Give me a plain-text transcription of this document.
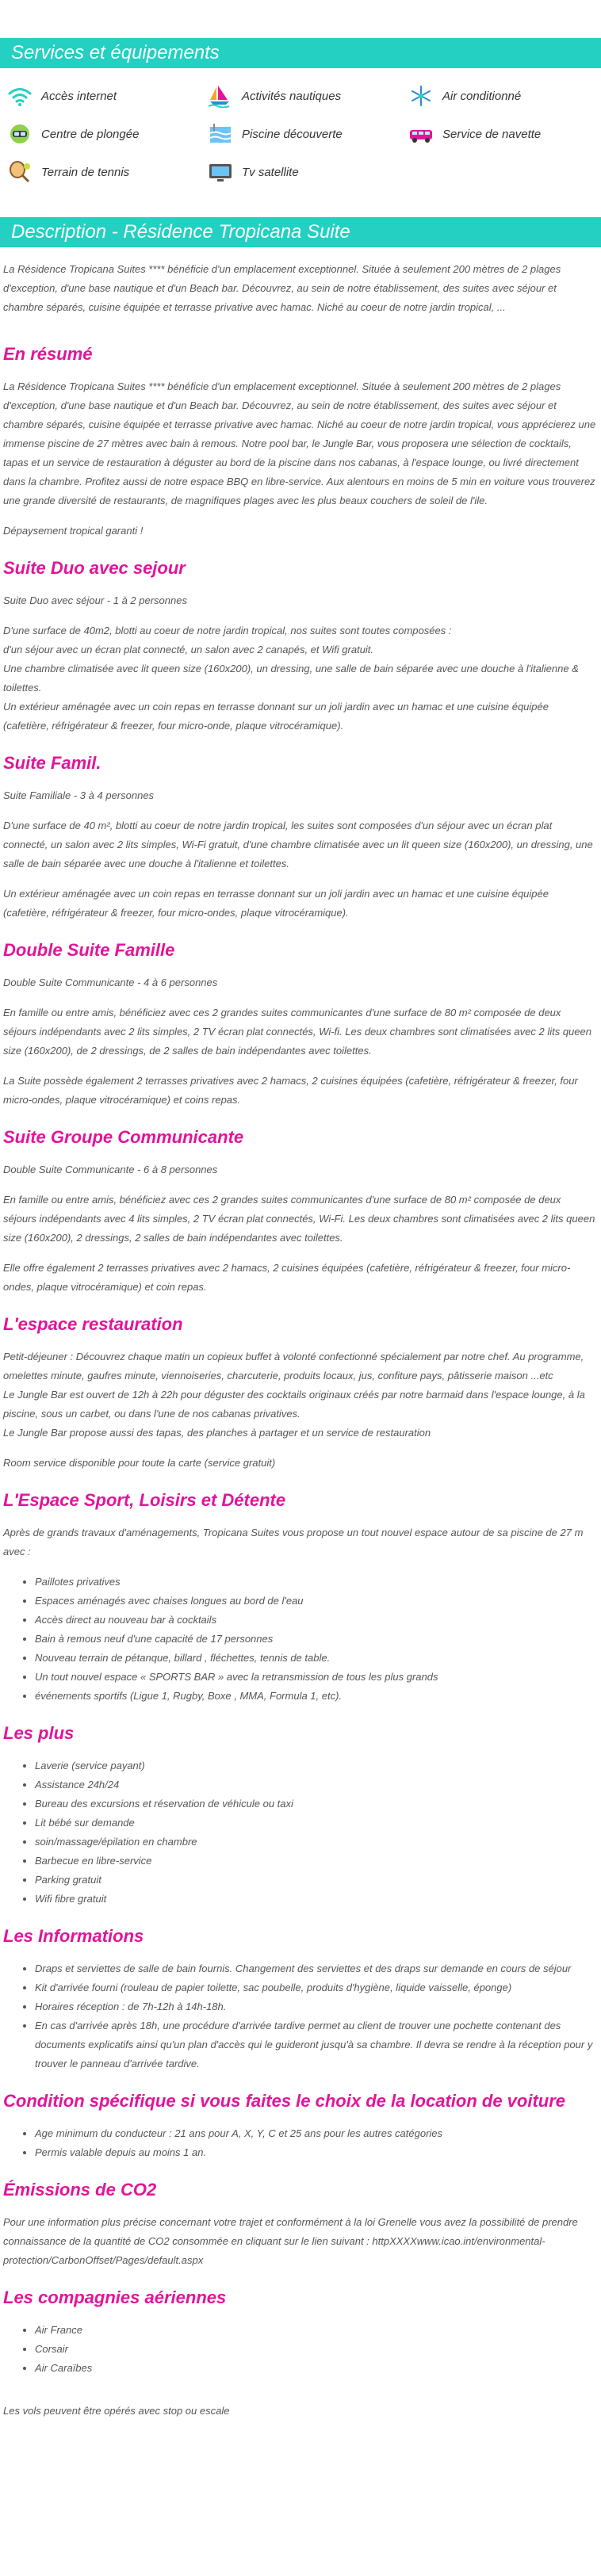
Services et équipements
Accès internet	Activités nautiques	Air conditionné
Centre de plongée	Piscine découverte	Service de navette
Terrain de tennis	Tv satellite
Description - Résidence Tropicana Suite

La Résidence Tropicana Suites **** bénéficie d'un emplacement exceptionnel. Située à seulement 200 mètres de 2 plages d'exception, d'une base nautique et d'un Beach bar. Découvrez, au sein de notre établissement, des suites avec séjour et chambre séparés, cuisine équipée et terrasse privative avec hamac. Niché au coeur de notre jardin tropical, ...

En résumé

La Résidence Tropicana Suites **** bénéficie d'un emplacement exceptionnel. Située à seulement 200 mètres de 2 plages d'exception, d'une base nautique et d'un Beach bar. Découvrez, au sein de notre établissement, des suites avec séjour et chambre séparés, cuisine équipée et terrasse privative avec hamac. Niché au coeur de notre jardin tropical, vous apprécierez une immense piscine de 27 mètres avec bain à remous. Notre pool bar, le Jungle Bar, vous proposera une sélection de cocktails, tapas et un service de restauration à déguster au bord de la piscine dans nos cabanas, à l'espace lounge, ou livré directement dans la chambre. Profitez aussi de notre espace BBQ en libre-service. Aux alentours en moins de 5 min en voiture vous trouverez une grande diversité de restaurants, de magnifiques plages avec les plus beaux couchers de soleil de l'ile.

Dépaysement tropical garanti !

Suite Duo avec sejour

Suite Duo avec séjour - 1 à 2 personnes

D'une surface de 40m2, blotti au coeur de notre jardin tropical, nos suites sont toutes composées :

d'un séjour avec un écran plat connecté, un salon avec 2 canapés, et Wifi gratuit.

Une chambre climatisée avec lit queen size (160x200), un dressing, une salle de bain séparée avec une douche à l'italienne & toilettes.

Un extérieur aménagée avec un coin repas en terrasse donnant sur un joli jardin avec un hamac et une cuisine équipée (cafetière, réfrigérateur & freezer, four micro-onde, plaque vitrocéramique).

Suite Famil.

Suite Familiale - 3 à 4 personnes

D'une surface de 40 m², blotti au coeur de notre jardin tropical, les suites sont composées d'un séjour avec un écran plat connecté, un salon avec 2 lits simples, Wi-Fi gratuit, d'une chambre climatisée avec un lit queen size (160x200), un dressing, une salle de bain séparée avec une douche à l'italienne et toilettes.

Un extérieur aménagée avec un coin repas en terrasse donnant sur un joli jardin avec un hamac et une cuisine équipée (cafetière, réfrigérateur & freezer, four micro-ondes, plaque vitrocéramique).

Double Suite Famille

Double Suite Communicante - 4 à 6 personnes

En famille ou entre amis, bénéficiez avec ces 2 grandes suites communicantes d'une surface de 80 m² composée de deux séjours indépendants avec 2 lits simples, 2 TV écran plat connectés, Wi-fi. Les deux chambres sont climatisées avec 2 lits queen size (160x200), de 2 dressings, de 2 salles de bain indépendantes avec toilettes.

La Suite possède également 2 terrasses privatives avec 2 hamacs, 2 cuisines équipées (cafetière, réfrigérateur & freezer, four micro-ondes, plaque vitrocéramique) et coins repas.

Suite Groupe Communicante

Double Suite Communicante - 6 à 8 personnes

En famille ou entre amis, bénéficiez avec ces 2 grandes suites communicantes d'une surface de 80 m² composée de deux séjours indépendants avec 4 lits simples, 2 TV écran plat connectés, Wi-Fi. Les deux chambres sont climatisées avec 2 lits queen size (160x200), 2 dressings, 2 salles de bain indépendantes avec toilettes.

Elle offre également 2 terrasses privatives avec 2 hamacs, 2 cuisines équipées (cafetière, réfrigérateur & freezer, four micro-ondes, plaque vitrocéramique) et coin repas.

L'espace restauration

Petit-déjeuner : Découvrez chaque matin un copieux buffet à volonté confectionné spécialement par notre chef. Au programme, omelettes minute, gaufres minute, viennoiseries, charcuterie, produits locaux, jus, confiture pays, pâtisserie maison ...etc

Le Jungle Bar est ouvert de 12h à 22h pour déguster des cocktails originaux créés par notre barmaid dans l'espace lounge, à la piscine, sous un carbet, ou dans l'une de nos cabanas privatives.

Le Jungle Bar propose aussi des tapas, des planches à partager et un service de restauration

Room service disponible pour toute la carte (service gratuit)

L'Espace Sport, Loisirs et Détente

Après de grands travaux d'aménagements, Tropicana Suites vous propose un tout nouvel espace autour de sa piscine de 27 m avec :

• Paillotes privatives
• Espaces aménagés avec chaises longues au bord de l'eau
• Accès direct au nouveau bar à cocktails
• Bain à remous neuf d'une capacité de 17 personnes
• Nouveau terrain de pétanque, billard , fléchettes, tennis de table.
• Un tout nouvel espace « SPORTS BAR » avec la retransmission de tous les plus grands
• événements sportifs (Ligue 1, Rugby, Boxe , MMA, Formula 1, etc).
Les plus
• Laverie (service payant)
• Assistance 24h/24
• Bureau des excursions et réservation de véhicule ou taxi
• Lit bébé sur demande
• soin/massage/épilation en chambre
• Barbecue en libre-service
• Parking gratuit
• Wifi fibre gratuit
Les Informations
• Draps et serviettes de salle de bain fournis. Changement des serviettes et des draps sur demande en cours de séjour
• Kit d'arrivée fourni (rouleau de papier toilette, sac poubelle, produits d'hygiène, liquide vaisselle, éponge)
• Horaires réception : de 7h-12h à 14h-18h.
• En cas d'arrivée après 18h, une procédure d'arrivée tardive permet au client de trouver une pochette contenant des documents explicatifs ainsi qu'un plan d'accès qui le guideront jusqu'à sa chambre. Il devra se rendre à la réception pour y trouver le panneau d'arrivée tardive.
Condition spécifique si vous faites le choix de la location de voiture
• Age minimum du conducteur : 21 ans pour A, X, Y, C et 25 ans pour les autres catégories
• Permis valable depuis au moins 1 an.
Émissions de CO2

Pour une information plus précise concernant votre trajet et conformément à la loi Grenelle vous avez la possibilité de prendre connaissance de la quantité de CO2 consommée en cliquant sur le lien suivant : httpXXXXwww.icao.int/environmental-protection/CarbonOffset/Pages/default.aspx

Les compagnies aériennes
• Air France
• Corsair
• Air Caraïbes

Les vols peuvent être opérés avec stop ou escale
